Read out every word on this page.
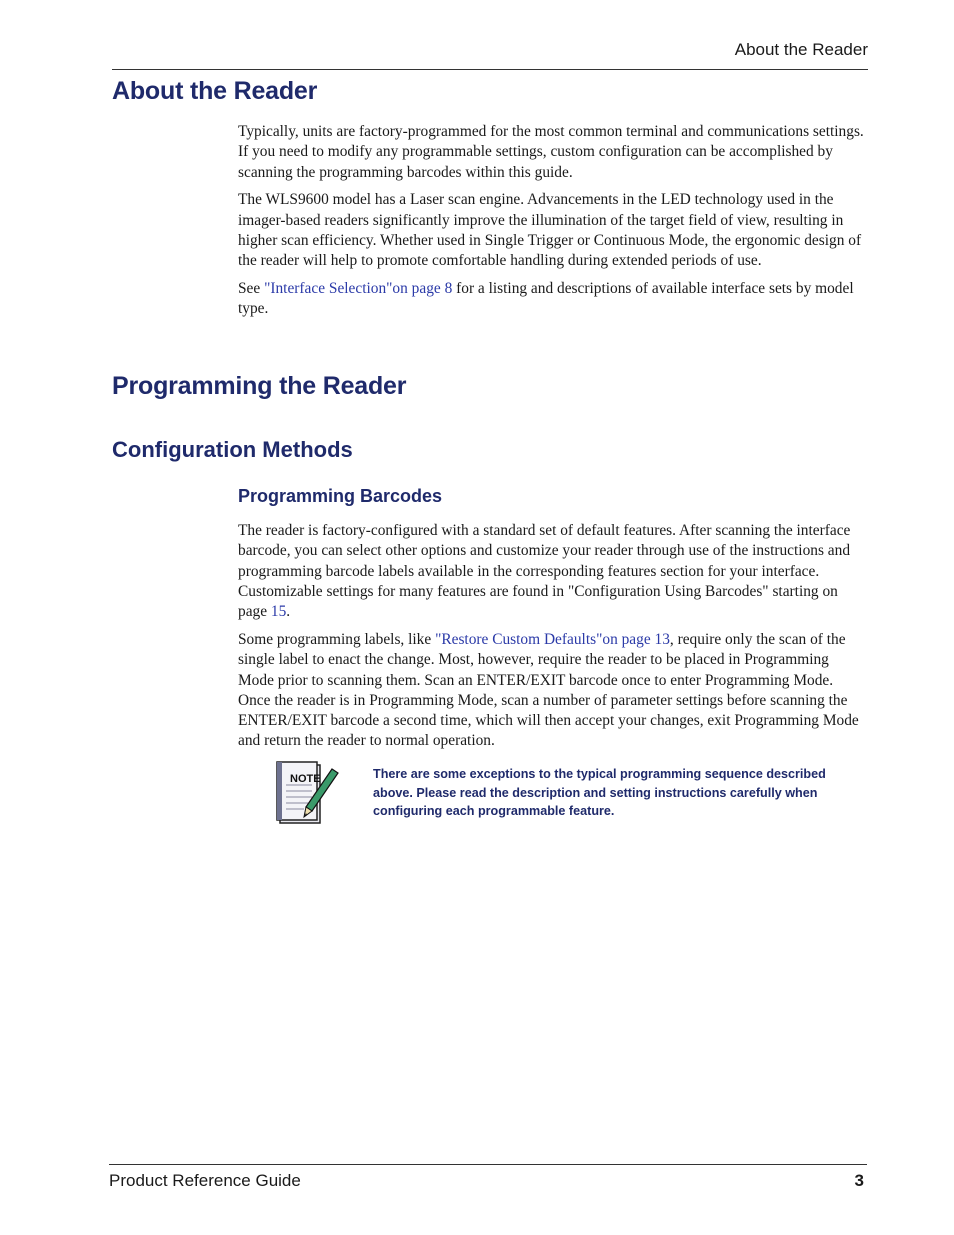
About the Reader
About the Reader

Typically, units are factory-programmed for the most common terminal and communications settings. If you need to modify any programmable settings, custom configuration can be accomplished by scanning the programming barcodes within this guide.

The WLS9600 model has a Laser scan engine. Advancements in the LED technology used in the imager-based readers significantly improve the illumination of the target field of view, resulting in higher scan efficiency. Whether used in Single Trigger or Continuous Mode, the ergonomic design of the reader will help to promote comfortable handling during extended periods of use.

See "Interface Selection"on page 8 for a listing and descriptions of available interface sets by model type.

Programming the Reader
Configuration Methods
Programming Barcodes

The reader is factory-configured with a standard set of default features. After scanning the interface barcode, you can select other options and customize your reader through use of the instructions and programming barcode labels available in the corresponding features section for your interface. Customizable settings for many features are found in "Configuration Using Barcodes" starting on page 15.

Some programming labels, like "Restore Custom Defaults"on page 13, require only the scan of the single label to enact the change. Most, however, require the reader to be placed in Programming Mode prior to scanning them. Scan an ENTER/EXIT barcode once to enter Programming Mode. Once the reader is in Programming Mode, scan a number of parameter settings before scanning the ENTER/EXIT barcode a second time, which will then accept your changes, exit Programming Mode and return the reader to normal operation.

NOTE	There are some exceptions to the typical programming sequence described above. Please read the description and setting instructions carefully when configuring each programmable feature.
Product Reference Guide	3
